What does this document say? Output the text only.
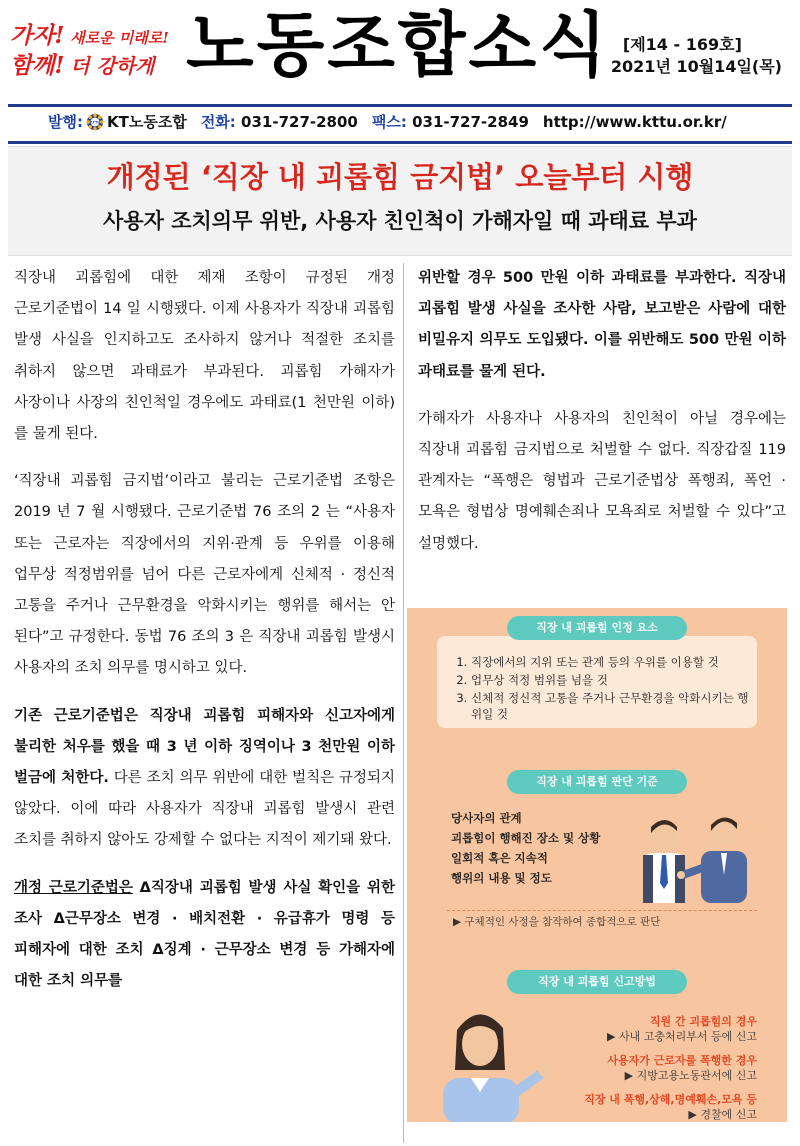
가자! 새로운 미래로!
함께! 더 강하게 노동조합소식 [제14 - 169호]
2021년 10월14일(목)
발행: KTTU KT노동조합 전화:
031-727-2800 팩스:
031-727-2849 http://www.kttu.or.kr/
개정된 ‘직장 내 괴롭힘 금지법’ 오늘부터 시행
사용자 조치의무 위반, 사용자 친인척이 가해자일 때 과태료 부과

직장내 괴롭힘에 대한 제재 조항이 규정된 개정 근로기준법이 14 일 시행됐다. 이제 사용자가 직장내 괴롭힘 발생 사실을 인지하고도 조사하지 않거나 적절한 조치를 취하지 않으면 과태료가 부과된다. 괴롭힘 가해자가 사장이나 사장의 친인척일 경우에도 과태료(1 천만원 이하)를 물게 된다.

‘직장내 괴롭힘 금지법’이라고 불리는 근로기준법 조항은 2019 년 7 월 시행됐다. 근로기준법 76 조의 2 는 “사용자 또는 근로자는 직장에서의 지위·관계 등 우위를 이용해 업무상 적정범위를 넘어 다른 근로자에게 신체적 · 정신적 고통을 주거나 근무환경을 악화시키는 행위를 해서는 안 된다”고 규정한다. 동법 76 조의 3 은 직장내 괴롭힘 발생시 사용자의 조치 의무를 명시하고 있다.

기존 근로기준법은 직장내 괴롭힘 피해자와 신고자에게 불리한 처우를 했을 때 3 년 이하 징역이나 3 천만원 이하 벌금에 처한다. 다른 조치 의무 위반에 대한 벌칙은 규정되지 않았다. 이에 따라 사용자가 직장내 괴롭힘 발생시 관련 조치를 취하지 않아도 강제할 수 없다는 지적이 제기돼 왔다.

개정 근로기준법은 Δ직장내 괴롭힘 발생 사실 확인을 위한 조사 Δ근무장소 변경 · 배치전환 · 유급휴가 명령 등 피해자에 대한 조치 Δ징계 · 근무장소 변경 등 가해자에 대한 조치 의무를

위반할 경우 500 만원 이하 과태료를 부과한다. 직장내 괴롭힘 발생 사실을 조사한 사람, 보고받은 사람에 대한 비밀유지 의무도 도입됐다. 이를 위반해도 500 만원 이하 과태료를 물게 된다.

가해자가 사용자나 사용자의 친인척이 아닐 경우에는 직장내 괴롭힘 금지법으로 처벌할 수 없다. 직장갑질 119 관계자는 “폭행은 형법과 근로기준법상 폭행죄, 폭언 · 모욕은 형법상 명예훼손죄나 모욕죄로 처벌할 수 있다”고 설명했다.

1. 직장에서의 지위 또는 관계 등의 우위를 이용할 것
2. 업무상 적정 범위를 넘을 것
3. 신체적 정신적 고통을 주거나 근무환경을 악화시키는 행위일 것
직장 내 괴롭힘 인정 요소
직장 내 괴롭힘 판단 기준
당사자의 관계
괴롭힘이 행해진 장소 및 상황
일회적 혹은 지속적
행위의 내용 및 정도
▶ 구체적인 사정을 참작하여 종합적으로 판단
직장 내 괴롭힘 신고방법
직원 간 괴롭힘의 경우
▶ 사내 고충처리부서 등에 신고
사용자가 근로자를 폭행한 경우
▶ 지방고용노동관서에 신고
직장 내 폭행,상해,명예훼손,모욕 등
▶ 경찰에 신고
